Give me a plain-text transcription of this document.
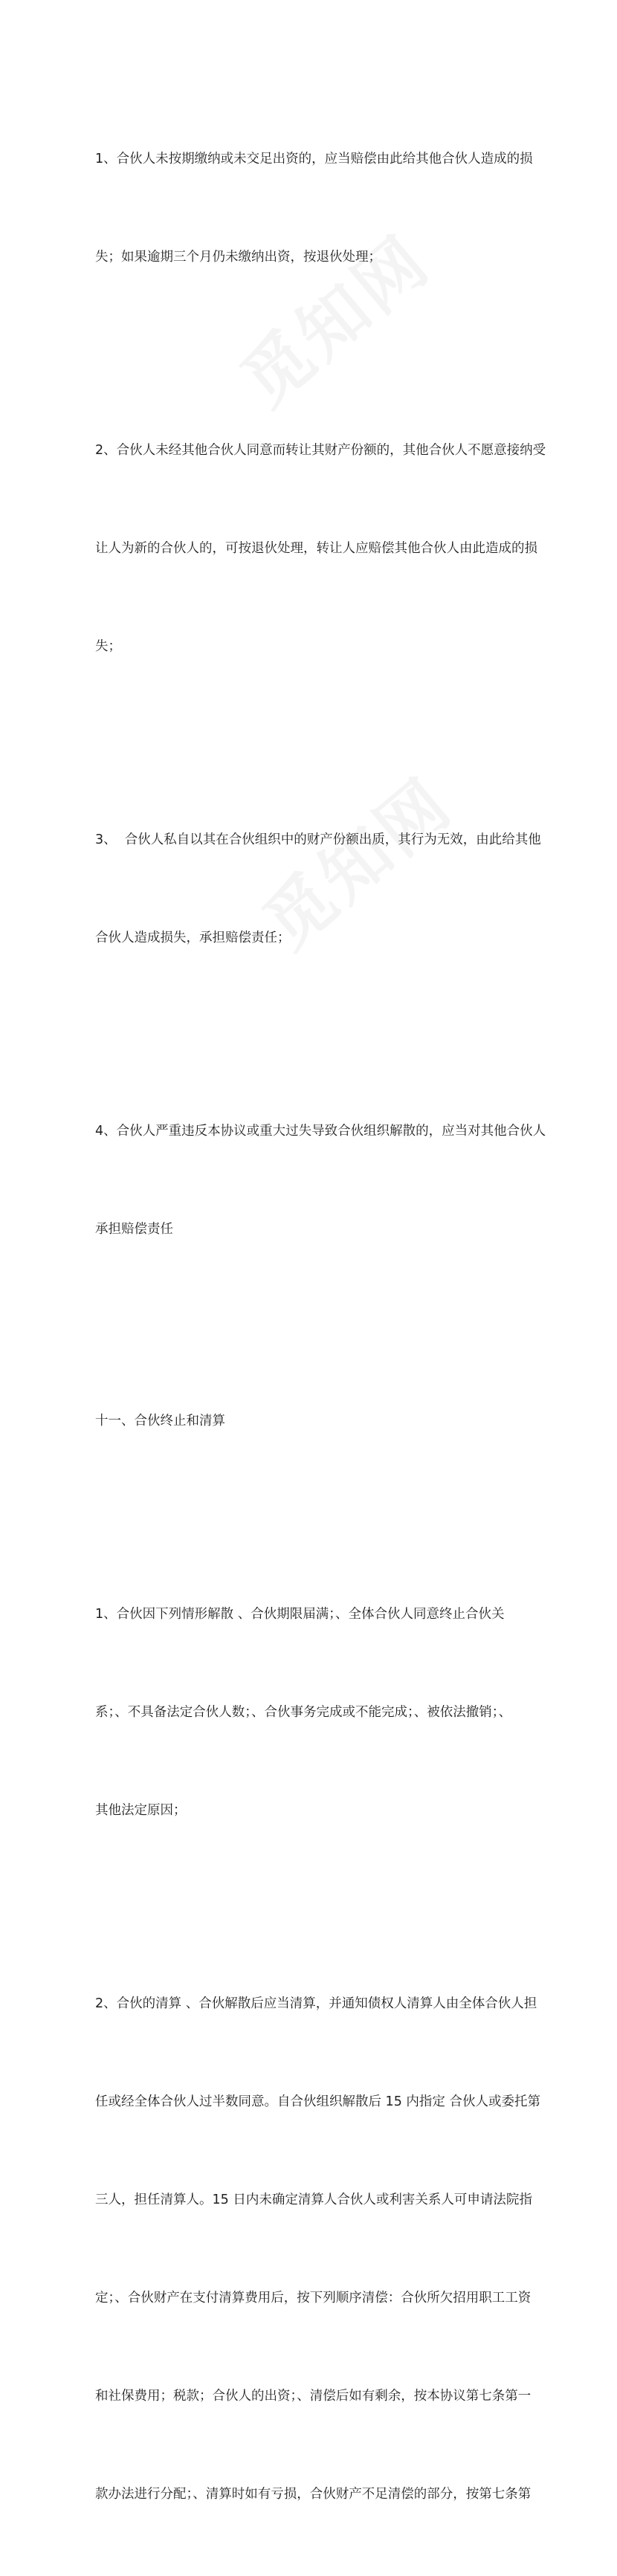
1、合伙人未按期缴纳或未交足出资的，应当赔偿由此给其他合伙人造成的损

失；如果逾期三个月仍未缴纳出资，按退伙处理；

2、合伙人未经其他合伙人同意而转让其财产份额的，其他合伙人不愿意接纳受

让人为新的合伙人的，可按退伙处理，转让人应赔偿其他合伙人由此造成的损

失；

3、  合伙人私自以其在合伙组织中的财产份额出质，其行为无效，由此给其他

合伙人造成损失，承担赔偿责任；

4、合伙人严重违反本协议或重大过失导致合伙组织解散的，应当对其他合伙人

承担赔偿责任

十一、合伙终止和清算

1、合伙因下列情形解散 、合伙期限届满；、全体合伙人同意终止合伙关

系；、不具备法定合伙人数；、合伙事务完成或不能完成；、被依法撤销；、

其他法定原因；

2、合伙的清算 、合伙解散后应当清算，并通知债权人清算人由全体合伙人担

任或经全体合伙人过半数同意。自合伙组织解散后 15 内指定 合伙人或委托第

三人，担任清算人。15 日内未确定清算人合伙人或利害关系人可申请法院指

定；、合伙财产在支付清算费用后，按下列顺序清偿：合伙所欠招用职工工资

和社保费用；税款；合伙人的出资；、清偿后如有剩余，按本协议第七条第一

款办法进行分配；、清算时如有亏损，合伙财产不足清偿的部分，按第七条第
